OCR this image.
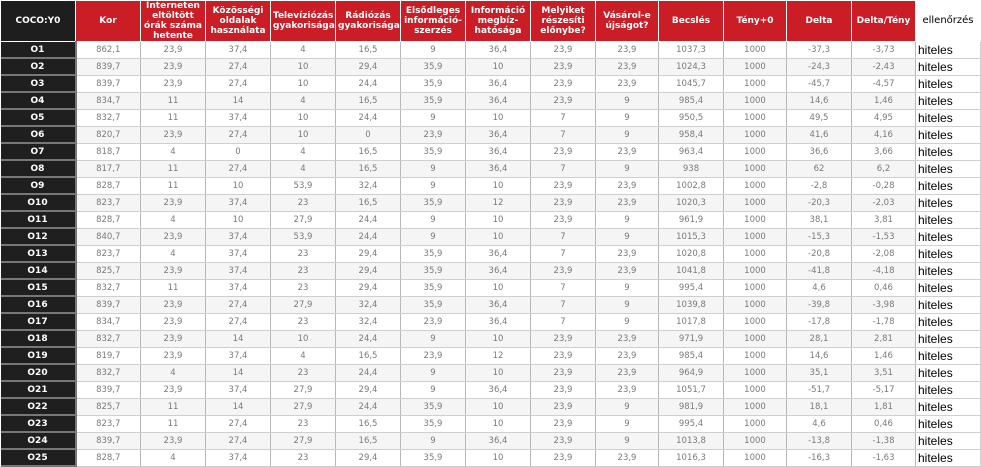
COCO:Y0	Kor	Interneten eltöltött órák száma hetente	Közösségi oldalak használata	Televíziózás gyakorisága	Rádiózás gyakorisága	Elsődleges információ-szerzés	Információ megbíz-hatósága	Melyiket részesíti előnybe?	Vásárol-e újságot?	Becslés	Tény+0	Delta	Delta/Tény	ellenőrzés
O1	862,1	23,9	37,4	4	16,5	9	36,4	23,9	23,9	1037,3	1000	-37,3	-3,73	hiteles
O2	839,7	23,9	27,4	10	29,4	35,9	10	23,9	23,9	1024,3	1000	-24,3	-2,43	hiteles
O3	839,7	23,9	27,4	10	24,4	35,9	36,4	23,9	23,9	1045,7	1000	-45,7	-4,57	hiteles
O4	834,7	11	14	4	16,5	35,9	36,4	23,9	9	985,4	1000	14,6	1,46	hiteles
O5	832,7	11	37,4	10	24,4	9	10	7	9	950,5	1000	49,5	4,95	hiteles
O6	820,7	23,9	27,4	10	0	23,9	36,4	7	9	958,4	1000	41,6	4,16	hiteles
O7	818,7	4	0	4	16,5	35,9	36,4	23,9	23,9	963,4	1000	36,6	3,66	hiteles
O8	817,7	11	27,4	4	16,5	9	36,4	7	9	938	1000	62	6,2	hiteles
O9	828,7	11	10	53,9	32,4	9	10	23,9	23,9	1002,8	1000	-2,8	-0,28	hiteles
O10	823,7	23,9	37,4	23	16,5	35,9	12	23,9	23,9	1020,3	1000	-20,3	-2,03	hiteles
O11	828,7	4	10	27,9	24,4	9	10	23,9	9	961,9	1000	38,1	3,81	hiteles
O12	840,7	23,9	37,4	53,9	24,4	9	10	7	9	1015,3	1000	-15,3	-1,53	hiteles
O13	823,7	4	37,4	23	29,4	35,9	36,4	7	23,9	1020,8	1000	-20,8	-2,08	hiteles
O14	825,7	23,9	37,4	23	29,4	35,9	36,4	23,9	23,9	1041,8	1000	-41,8	-4,18	hiteles
O15	832,7	11	37,4	23	29,4	35,9	10	7	9	995,4	1000	4,6	0,46	hiteles
O16	839,7	23,9	27,4	27,9	32,4	35,9	36,4	7	9	1039,8	1000	-39,8	-3,98	hiteles
O17	834,7	23,9	27,4	23	32,4	23,9	36,4	7	9	1017,8	1000	-17,8	-1,78	hiteles
O18	832,7	23,9	14	10	24,4	9	10	23,9	23,9	971,9	1000	28,1	2,81	hiteles
O19	819,7	23,9	37,4	4	16,5	23,9	12	23,9	23,9	985,4	1000	14,6	1,46	hiteles
O20	832,7	4	14	23	24,4	9	10	23,9	23,9	964,9	1000	35,1	3,51	hiteles
O21	839,7	23,9	37,4	27,9	29,4	9	36,4	23,9	23,9	1051,7	1000	-51,7	-5,17	hiteles
O22	825,7	11	14	27,9	24,4	35,9	10	23,9	9	981,9	1000	18,1	1,81	hiteles
O23	823,7	11	27,4	23	16,5	35,9	10	23,9	9	995,4	1000	4,6	0,46	hiteles
O24	839,7	23,9	27,4	27,9	16,5	9	36,4	23,9	9	1013,8	1000	-13,8	-1,38	hiteles
O25	828,7	4	37,4	23	29,4	35,9	10	23,9	23,9	1016,3	1000	-16,3	-1,63	hiteles
